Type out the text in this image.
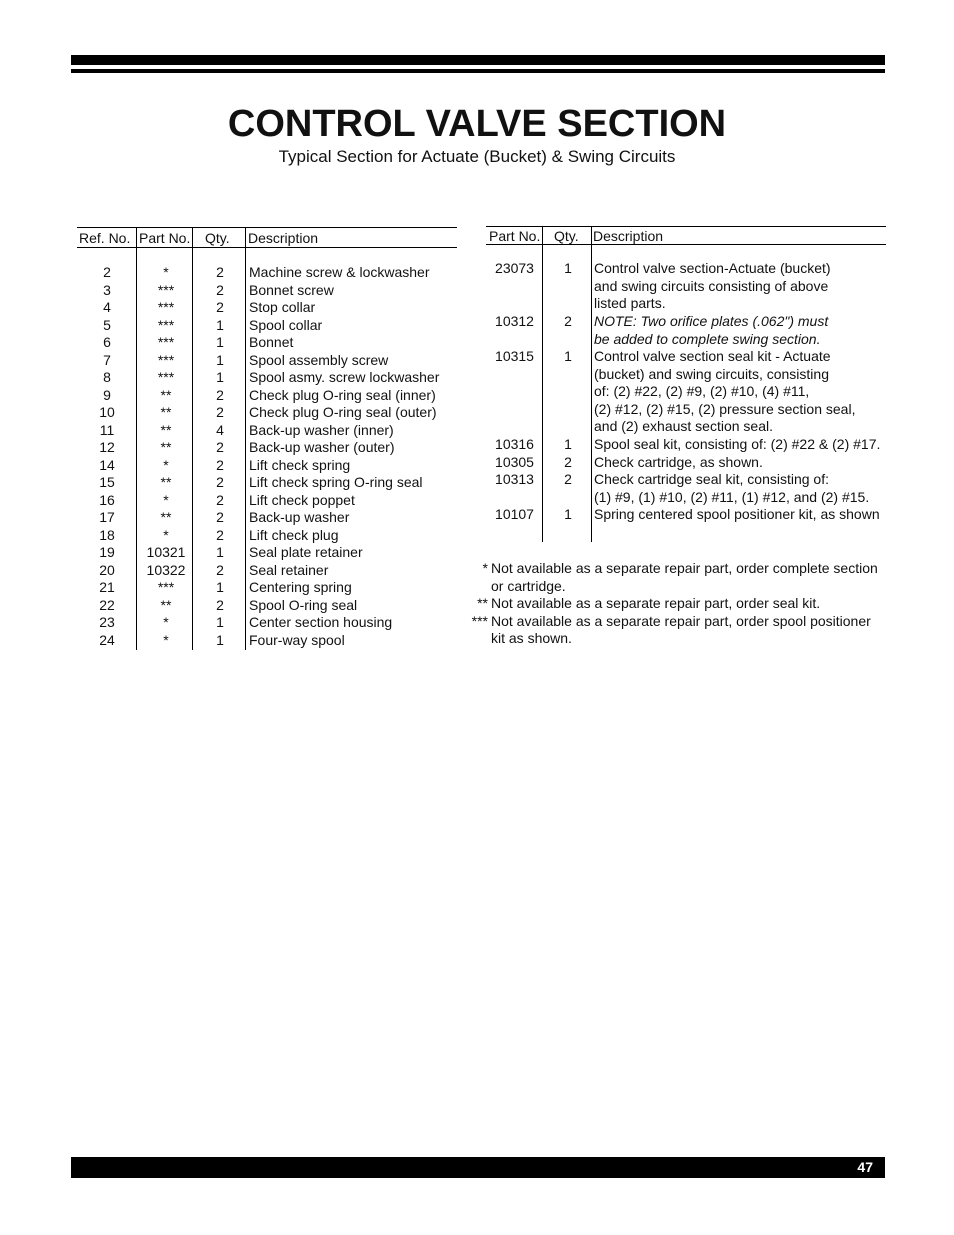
CONTROL VALVE SECTION

Typical Section for Actuate (Bucket) & Swing Circuits

Ref. No. Part No. Qty. Description
2	*	2	Machine screw & lockwasher
3	***	2	Bonnet screw
4	***	2	Stop collar
5	***	1	Spool collar
6	***	1	Bonnet
7	***	1	Spool assembly screw
8	***	1	Spool asmy. screw lockwasher
9	**	2	Check plug O-ring seal (inner)
10	**	2	Check plug O-ring seal (outer)
11	**	4	Back-up washer (inner)
12	**	2	Back-up washer (outer)
14	*	2	Lift check spring
15	**	2	Lift check spring O-ring seal
16	*	2	Lift check poppet
17	**	2	Back-up washer
18	*	2	Lift check plug
19	10321	1	Seal plate retainer
20	10322	2	Seal retainer
21	***	1	Centering spring
22	**	2	Spool O-ring seal
23	*	1	Center section housing
24	*	1	Four-way spool
Part No. Qty. Description
23073	1	Control valve section-Actuate (bucket)
and swing circuits consisting of above
listed parts.
10312	2	NOTE: Two orifice plates (.062") must
be added to complete swing section.
10315	1	Control valve section seal kit - Actuate
(bucket) and swing circuits, consisting
of: (2) #22, (2) #9, (2) #10, (4) #11,
(2) #12, (2) #15, (2) pressure section seal,
and (2) exhaust section seal.
10316	1	Spool seal kit, consisting of: (2) #22 & (2) #17.
10305	2	Check cartridge, as shown.
10313	2	Check cartridge seal kit, consisting of:
(1) #9, (1) #10, (2) #11, (1) #12, and (2) #15.
10107	1	Spring centered spool positioner kit, as shown
* Not available as a separate repair part, order complete section or cartridge.
** Not available as a separate repair part, order seal kit.
*** Not available as a separate repair part, order spool positioner kit as shown.
47
